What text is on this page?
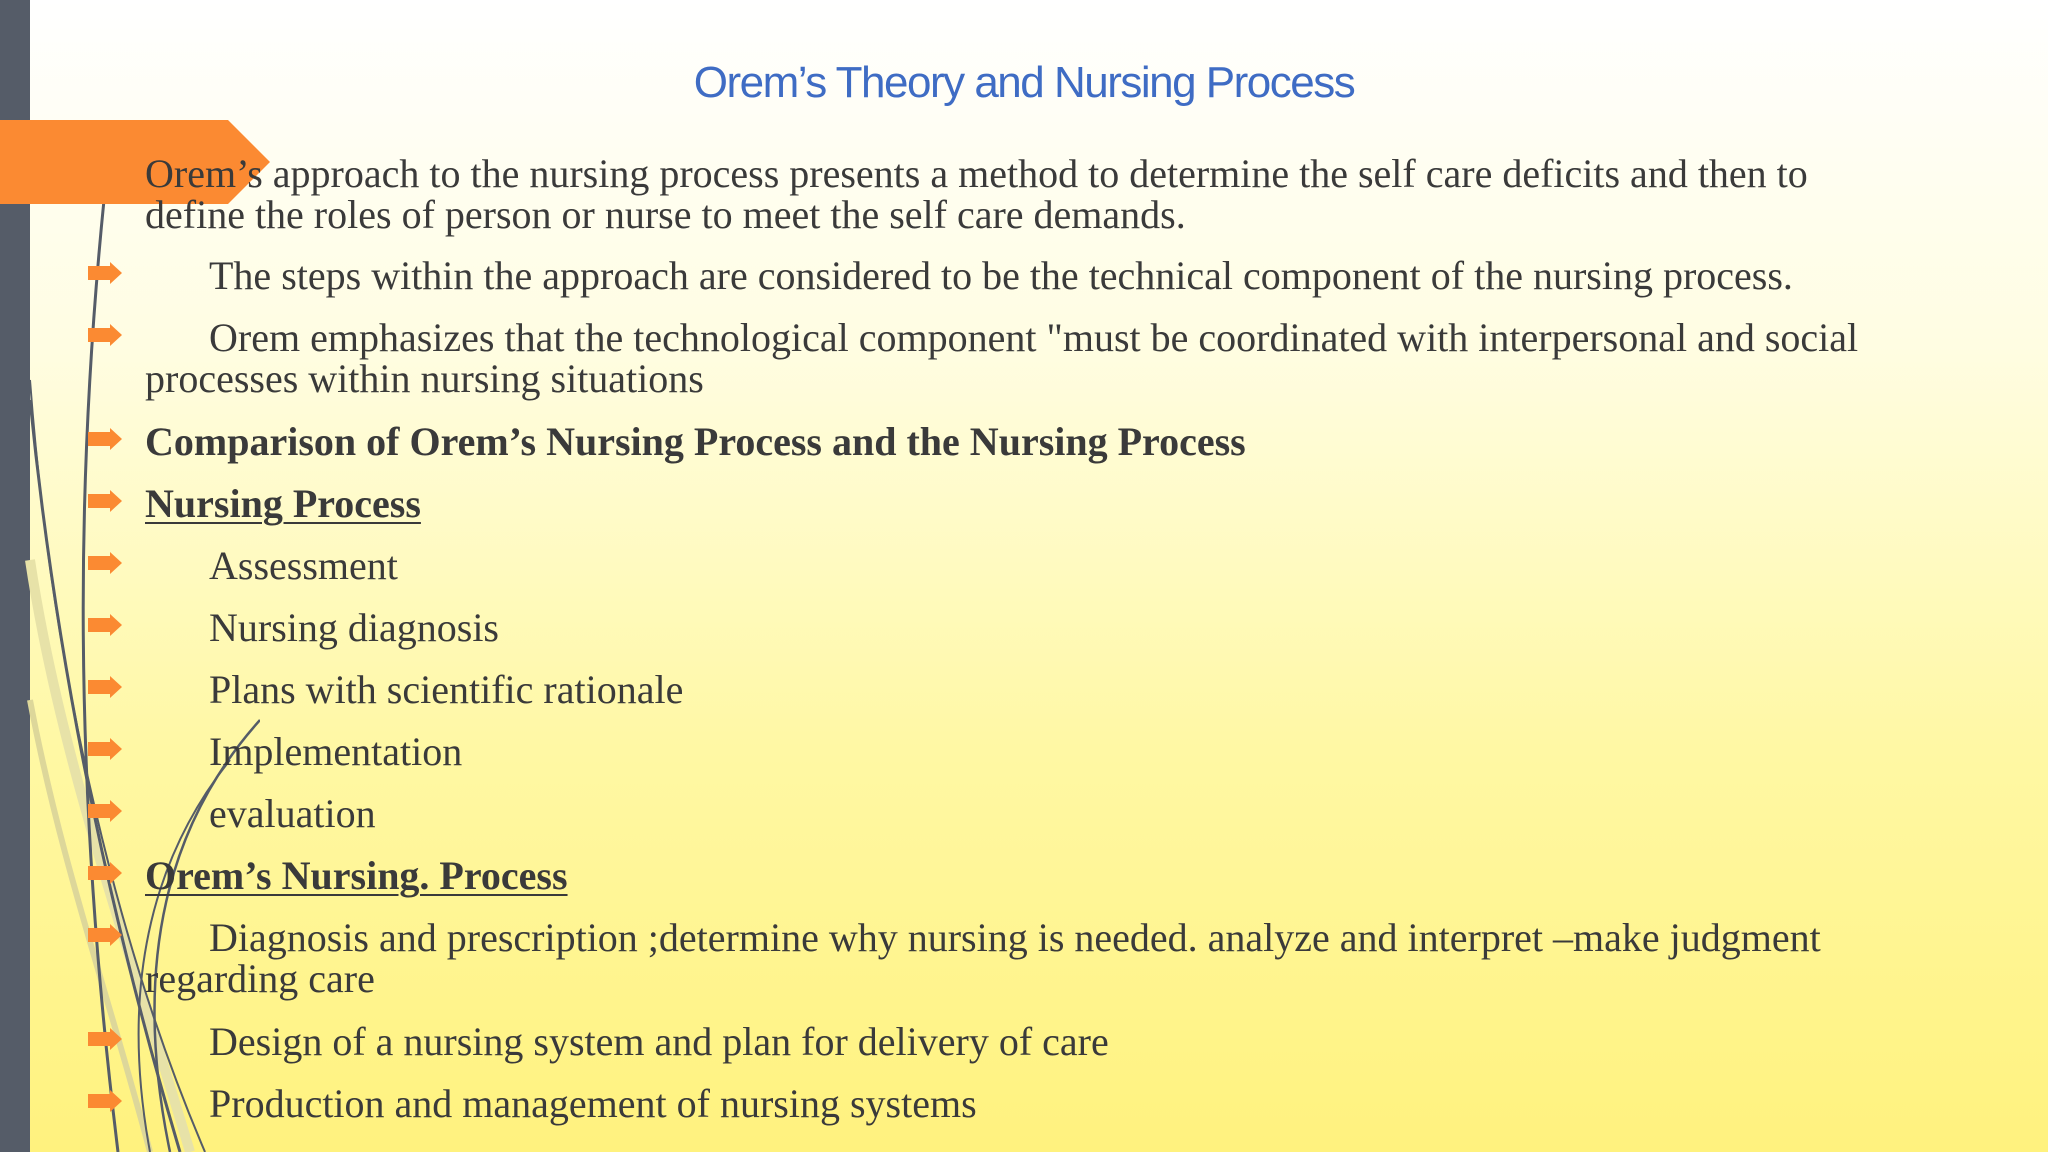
Orem’s Theory and Nursing Process
Orem’s approach to the nursing process presents a method to determine the self care deficits and then to
define the roles of person or nurse to meet the self care demands.
The steps within the approach are considered to be the technical component of the nursing process.
Orem emphasizes that the technological component "must be coordinated with interpersonal and social
processes within nursing situations
Comparison of Orem’s Nursing Process and the Nursing Process
Nursing Process
Assessment
Nursing diagnosis
Plans with scientific rationale
Implementation
evaluation
Orem’s Nursing. Process
Diagnosis and prescription ;determine why nursing is needed. analyze and interpret –make judgment
regarding care
Design of a nursing system and plan for delivery of care
Production and management of nursing systems
